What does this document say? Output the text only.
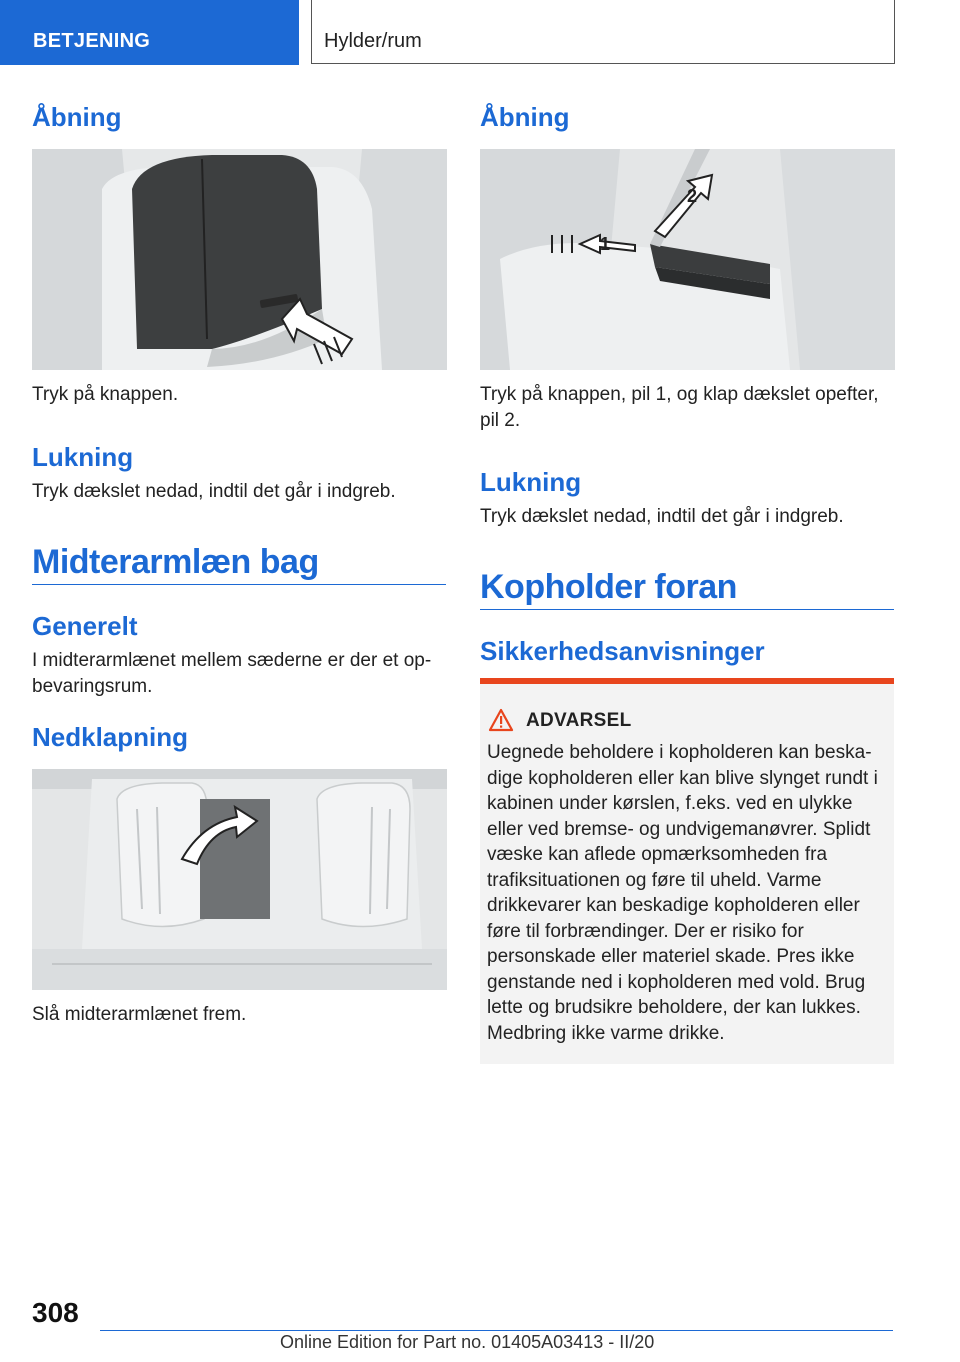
BETJENING	Hylder/rum
Åbning

Tryk på knappen.

Lukning

Tryk dækslet nedad, indtil det går i indgreb.

Midterarmlæn bag
Generelt

I midterarmlænet mellem sæderne er der et opbevaringsrum.

Nedklapning

Slå midterarmlænet frem.

Åbning
2
1

Tryk på knappen, pil 1, og klap dækslet opefter, pil 2.

Lukning

Tryk dækslet nedad, indtil det går i indgreb.

Kopholder foran
Sikkerhedsanvisninger
ADVARSEL

Uegnede beholdere i kopholderen kan beskadige kopholderen eller kan blive slynget rundt i kabinen under kørslen, f.eks. ved en ulykke eller ved bremse- og undvigemanøvrer. Splidt væske kan aflede opmærksomheden fra trafiksituationen og føre til uheld. Varme drikkevarer kan beskadige kopholderen eller føre til forbrændinger. Der er risiko for personskade eller materiel skade. Pres ikke genstande ned i kopholderen med vold. Brug lette og brudsikre beholdere, der kan lukkes. Medbring ikke varme drikke.

308
Online Edition for Part no. 01405A03413 - II/20
